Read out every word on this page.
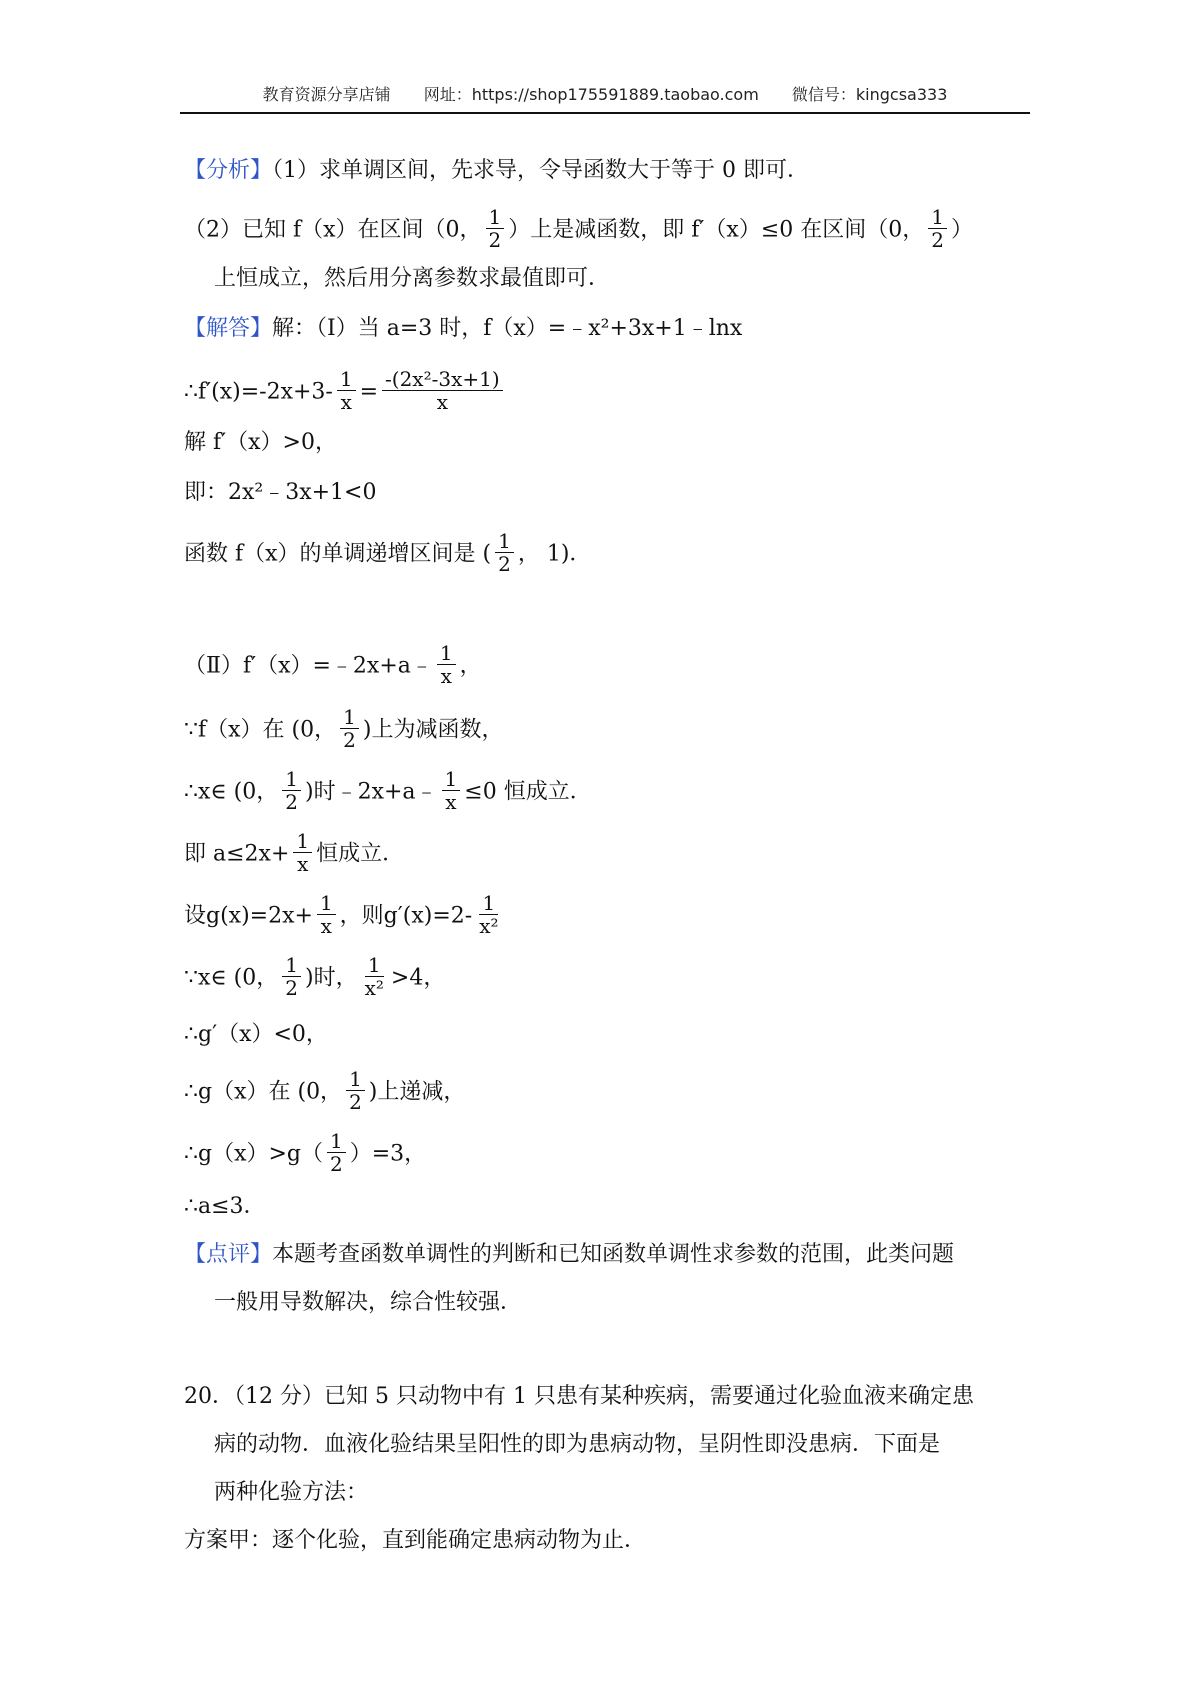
教育资源分享店铺 网址：https://shop175591889.taobao.com 微信号：kingcsa333
【分析】（1）求单调区间，先求导，令导函数大于等于 0 即可．
（2）已知 f（x）在区间（0， $\frac{1}{2}$ ）上是减函数，即 f′（x）≤0 在区间（0， $\frac{1}{2}$ ）
上恒成立，然后用分离参数求最值即可．
【解答】解：（Ⅰ）当 a=3 时，f（x）=﹣x²+3x+1﹣lnx
∴f′(x)=-2x+3- $\frac{1}{x} = \frac{\text{-(2x²-3x+1)}}{x}$
解 f′（x）>0，
即：2x²﹣3x+1<0
函数 f（x）的单调递增区间是 ( $\frac{1}{2}$ ， 1)．
（Ⅱ）f′（x）=﹣2x+a﹣ $\frac{1}{x}$ ，
∵f（x）在 (0， $\frac{1}{2}$ )上为减函数，
∴x∈ (0， $\frac{1}{2}$ )时﹣2x+a﹣ $\frac{1}{x} \le 0$ 恒成立．
即 $a\le 2x+ \frac{1}{x}$ 恒成立．
设$g(x)=2x+ \frac{1}{x}$ ，则$g'(x)=2- \frac{1}{\text{x²}}$
∵x∈ (0， $\frac{1}{2}$ )时， $\frac{1}{\text{x²}} >4$，
∴g′（x）<0，
∴g（x）在 (0， $\frac{1}{2}$ )上递减，
∴g（x）>g（ $\frac{1}{2} )=3$，
∴a≤3．
【点评】本题考查函数单调性的判断和已知函数单调性求参数的范围，此类问题
一般用导数解决，综合性较强．
20．（12 分）已知 5 只动物中有 1 只患有某种疾病，需要通过化验血液来确定患
病的动物．血液化验结果呈阳性的即为患病动物，呈阴性即没患病．下面是
两种化验方法：
方案甲：逐个化验，直到能确定患病动物为止．
